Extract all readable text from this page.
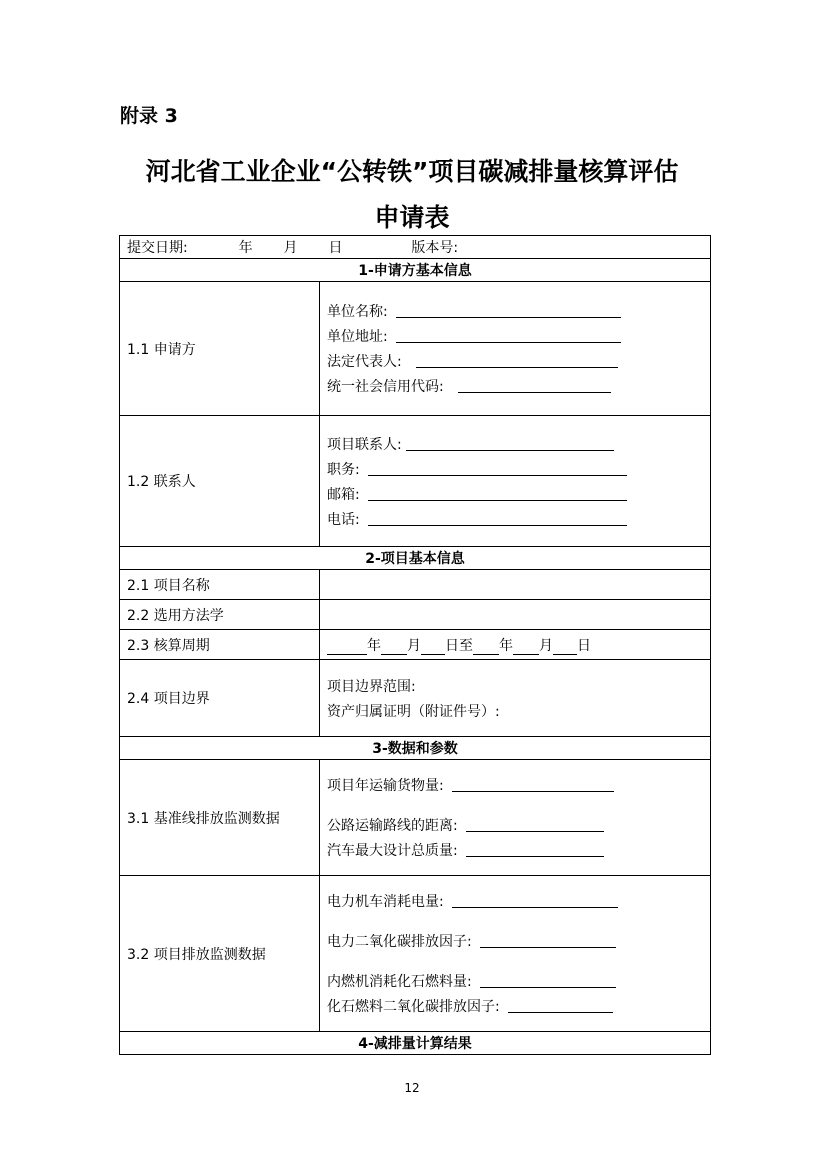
附录 3
河北省工业企业“公转铁”项目碳减排量核算评估
申请表
提交日期: 年 月 日 版本号:	
1-申请方基本信息	
1.1 申请方	单位名称:
单位地址:
法定代表人:
统一社会信用代码:

1.2 联系人	项目联系人:
职务:
邮箱:
电话:

2-项目基本信息	
2.1 项目名称	
2.2 选用方法学	
2.3 核算周期	年 月 日至 年 月 日
2.4 项目边界	项目边界范围:
资产归属证明（附证件号）:

3-数据和参数	
3.1 基准线排放监测数据	项目年运输货物量:
公路运输路线的距离:
汽车最大设计总质量:

3.2 项目排放监测数据	电力机车消耗电量:
电力二氧化碳排放因子:
内燃机消耗化石燃料量:
化石燃料二氧化碳排放因子:

4-减排量计算结果	
12
